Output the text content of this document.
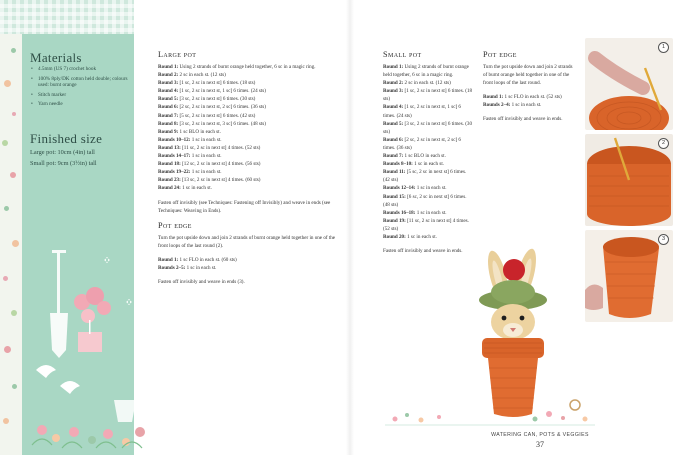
Materials
• 4.5mm (US 7) crochet hook
• 100% 8ply/DK cotton held double; colours used: burnt orange
• Stitch marker
• Yarn needle
Finished size
Large pot: 10cm (4in) tall
Small pot: 9cm (3½in) tall

Large pot

Round 1: Using 2 strands of burnt orange held together, 6 sc in a magic ring.

Round 2: 2 sc in each st. (12 sts)

Round 3: [1 sc, 2 sc in next st] 6 times. (18 sts)

Round 4: [1 sc, 2 sc in next st, 1 sc] 6 times. (24 sts)

Round 5: [3 sc, 2 sc in next st] 6 times. (30 sts)

Round 6: [2 sc, 2 sc in next st, 2 sc] 6 times. (36 sts)

Round 7: [5 sc, 2 sc in next st] 6 times. (42 sts)

Round 8: [3 sc, 2 sc in next st, 3 sc] 6 times. (48 sts)

Round 9: 1 sc BLO in each st.

Rounds 10–12: 1 sc in each st.

Round 13: [11 sc, 2 sc in next st] 4 times. (52 sts)

Rounds 14–17: 1 sc in each st.

Round 18: [12 sc, 2 sc in next st] 4 times. (56 sts)

Rounds 19–22: 1 sc in each st.

Round 23: [13 sc, 2 sc in next st] 4 times. (60 sts)

Round 24: 1 sc in each st.

Fasten off invisibly (see Techniques: Fastening off Invisibly) and weave in ends (see Techniques: Weaving in Ends).

Pot edge

Turn the pot upside down and join 2 strands of burnt orange held together in one of the front loops of the last round (2).

Round 1: 1 sc FLO in each st. (60 sts)

Rounds 2–5: 1 sc in each st.

Fasten off invisibly and weave in ends (3).

Small pot

Round 1: Using 2 strands of burnt orange held together, 6 sc in a magic ring.

Round 2: 2 sc in each st. (12 sts)

Round 3: [1 sc, 2 sc in next st] 6 times. (18 sts)

Round 4: [1 sc, 2 sc in next st, 1 sc] 6 times. (24 sts)

Round 5: [3 sc, 2 sc in next st] 6 times. (30 sts)

Round 6: [2 sc, 2 sc in next st, 2 sc] 6 times. (36 sts)

Round 7: 1 sc BLO in each st.

Rounds 8–10: 1 sc in each st.

Round 11: [5 sc, 2 sc in next st] 6 times. (42 sts)

Rounds 12–14: 1 sc in each st.

Round 15: [6 sc, 2 sc in next st] 6 times. (48 sts)

Rounds 16–18: 1 sc in each st.

Round 19: [11 sc, 2 sc in next st] 4 times. (52 sts)

Round 20: 1 sc in each st.

Fasten off invisibly and weave in ends.

Pot edge

Turn the pot upside down and join 2 strands of burnt orange held together in one of the front loops of the last round.

Round 1: 1 sc FLO in each st. (52 sts)

Rounds 2–4: 1 sc in each st.

Fasten off invisibly and weave in ends.

1
2
3
WATERING CAN, POTS & VEGGIES
37
